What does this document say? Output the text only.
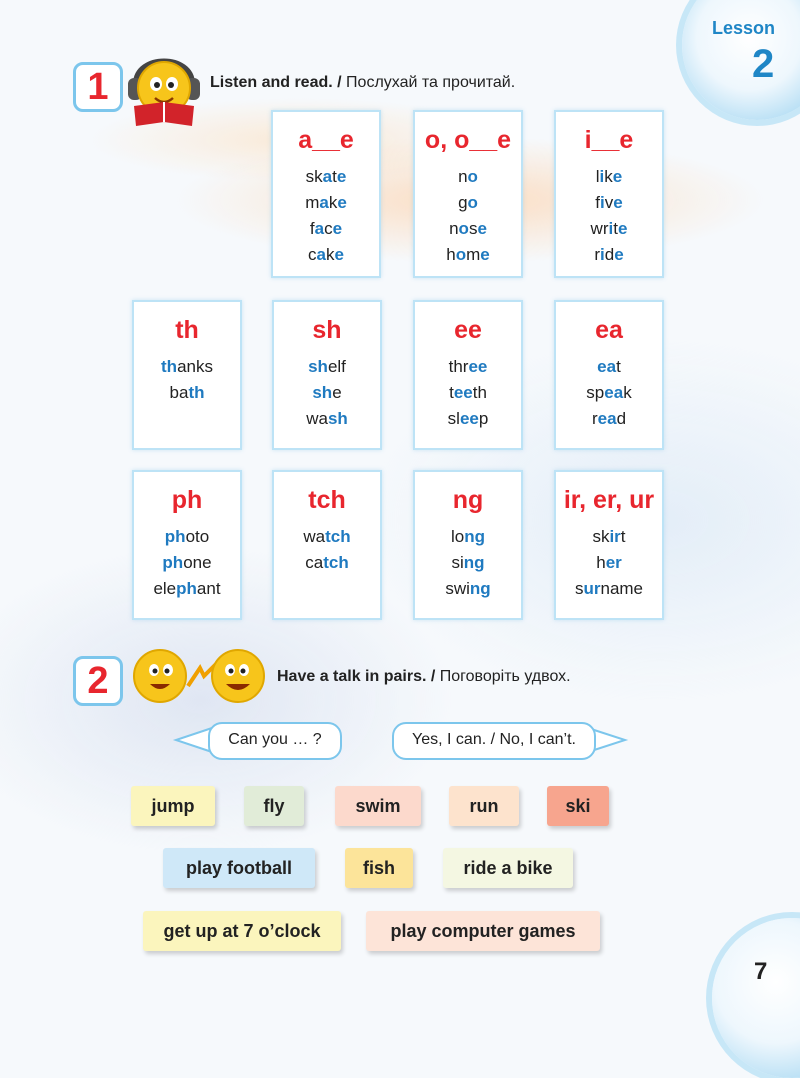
Lesson
2
7
1	Listen and read. / Послухай та прочитай.
a__e
skate
make
face
cake
o, o__e
no
go
nose
home
i__e
like
five
write
ride
th
thanks
bath
sh
shelf
she
wash
ee
three
teeth
sleep
ea
eat
speak
read
ph
photo
phone
elephant
tch
watch
catch
ng
long
sing
swing
ir, er, ur
skirt
her
surname
2	Have a talk in pairs. / Поговоріть удвох.
Can you … ?	Yes, I can. / No, I can’t.
jump	fly	swim	run	ski
play football	fish	ride a bike
get up at 7 o’clock	play computer games
